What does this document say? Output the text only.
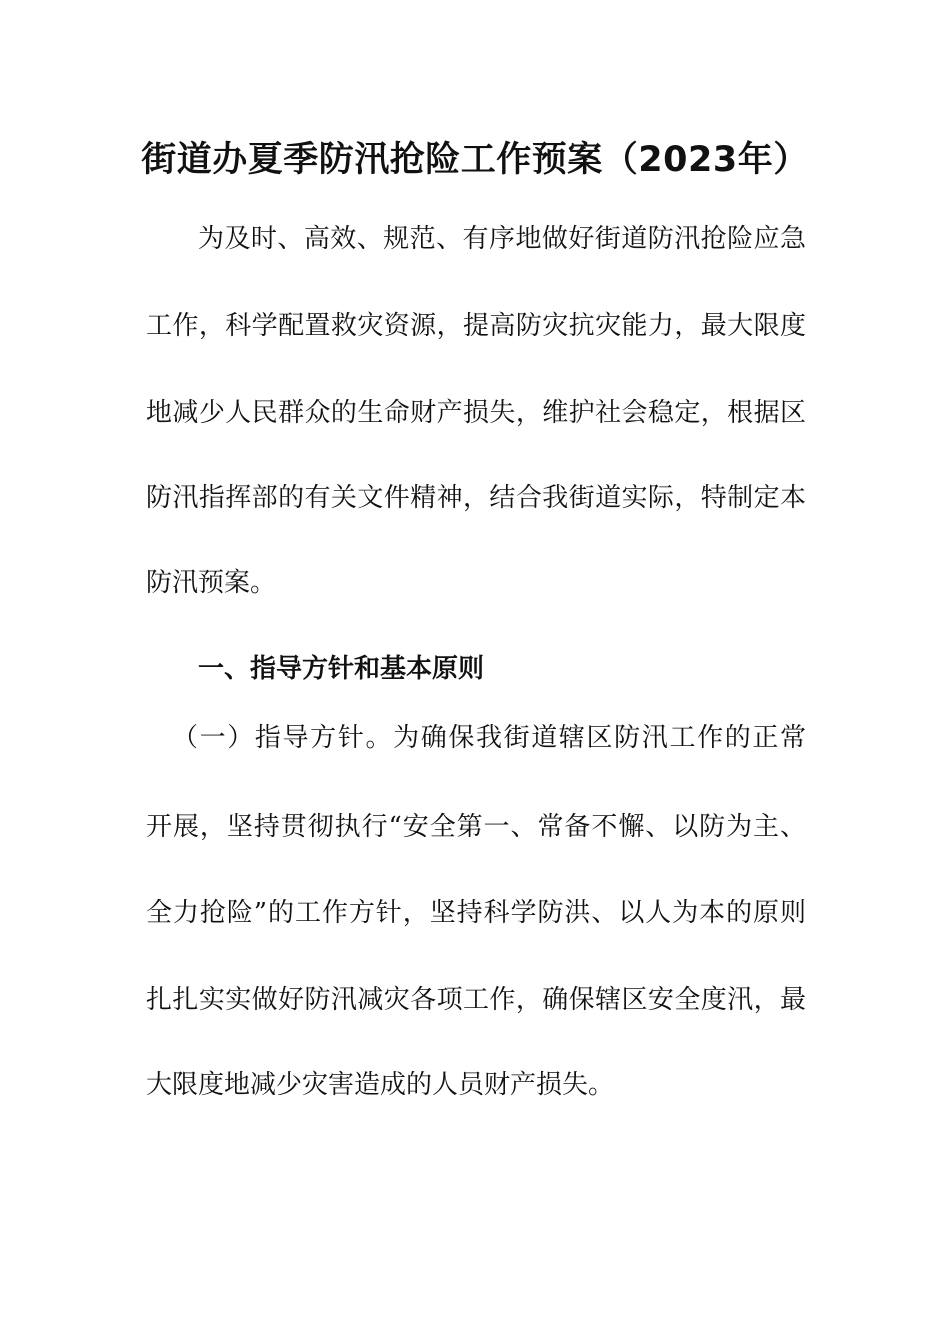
街道办夏季防汛抢险工作预案（2023年）

为及时、高效、规范、有序地做好街道防汛抢险应急

工作，科学配置救灾资源，提高防灾抗灾能力，最大限度

地减少人民群众的生命财产损失，维护社会稳定，根据区

防汛指挥部的有关文件精神，结合我街道实际，特制定本

防汛预案。

一、指导方针和基本原则

（一）指导方针。为确保我街道辖区防汛工作的正常

开展，坚持贯彻执行“安全第一、常备不懈、以防为主、

全力抢险”的工作方针，坚持科学防洪、以人为本的原则

扎扎实实做好防汛减灾各项工作，确保辖区安全度汛，最

大限度地减少灾害造成的人员财产损失。
